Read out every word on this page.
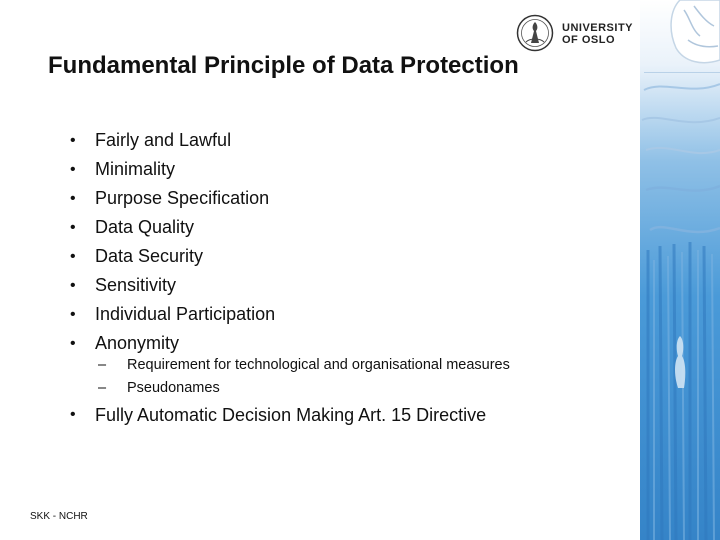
UNIVERSITY
OF OSLO
Fundamental Principle of Data Protection
•	Fairly and Lawful
•	Minimality
•	Purpose Specification
•	Data Quality
•	Data Security
•	Sensitivity
•	Individual Participation
•	Anonymity
–	Requirement for technological and organisational measures
–	Pseudonames
•	Fully Automatic Decision Making Art. 15 Directive
SKK - NCHR
